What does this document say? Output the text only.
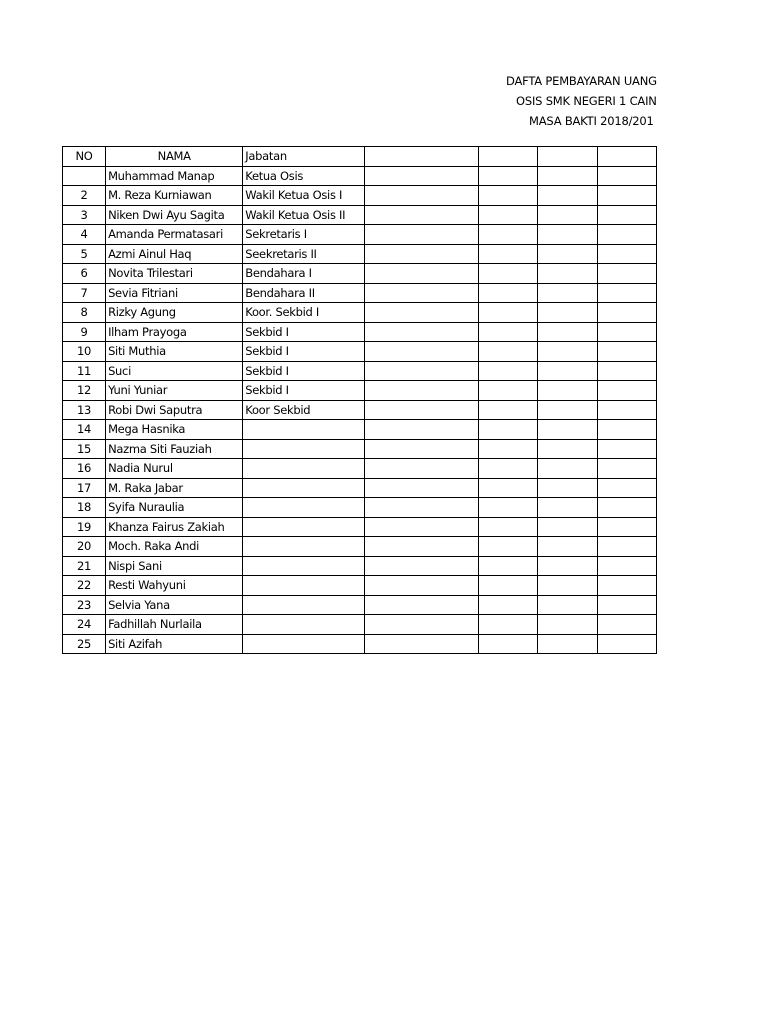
DAFTA PEMBAYARAN UANG
OSIS SMK NEGERI 1 CAIN
MASA BAKTI 2018/201
NO	NAMA	Jabatan				
	Muhammad Manap	Ketua Osis				
2	M. Reza Kurniawan	Wakil Ketua Osis I				
3	Niken Dwi Ayu Sagita	Wakil Ketua Osis II				
4	Amanda Permatasari	Sekretaris I				
5	Azmi Ainul Haq	Seekretaris II				
6	Novita Trilestari	Bendahara I				
7	Sevia Fitriani	Bendahara II				
8	Rizky Agung	Koor. Sekbid I				
9	Ilham Prayoga	Sekbid I				
10	Siti Muthia	Sekbid I				
11	Suci	Sekbid I				
12	Yuni Yuniar	Sekbid I				
13	Robi Dwi Saputra	Koor Sekbid				
14	Mega Hasnika					
15	Nazma Siti Fauziah					
16	Nadia Nurul					
17	M. Raka Jabar					
18	Syifa Nuraulia					
19	Khanza Fairus Zakiah					
20	Moch. Raka Andi					
21	Nispi Sani					
22	Resti Wahyuni					
23	Selvia Yana					
24	Fadhillah Nurlaila					
25	Siti Azifah					
